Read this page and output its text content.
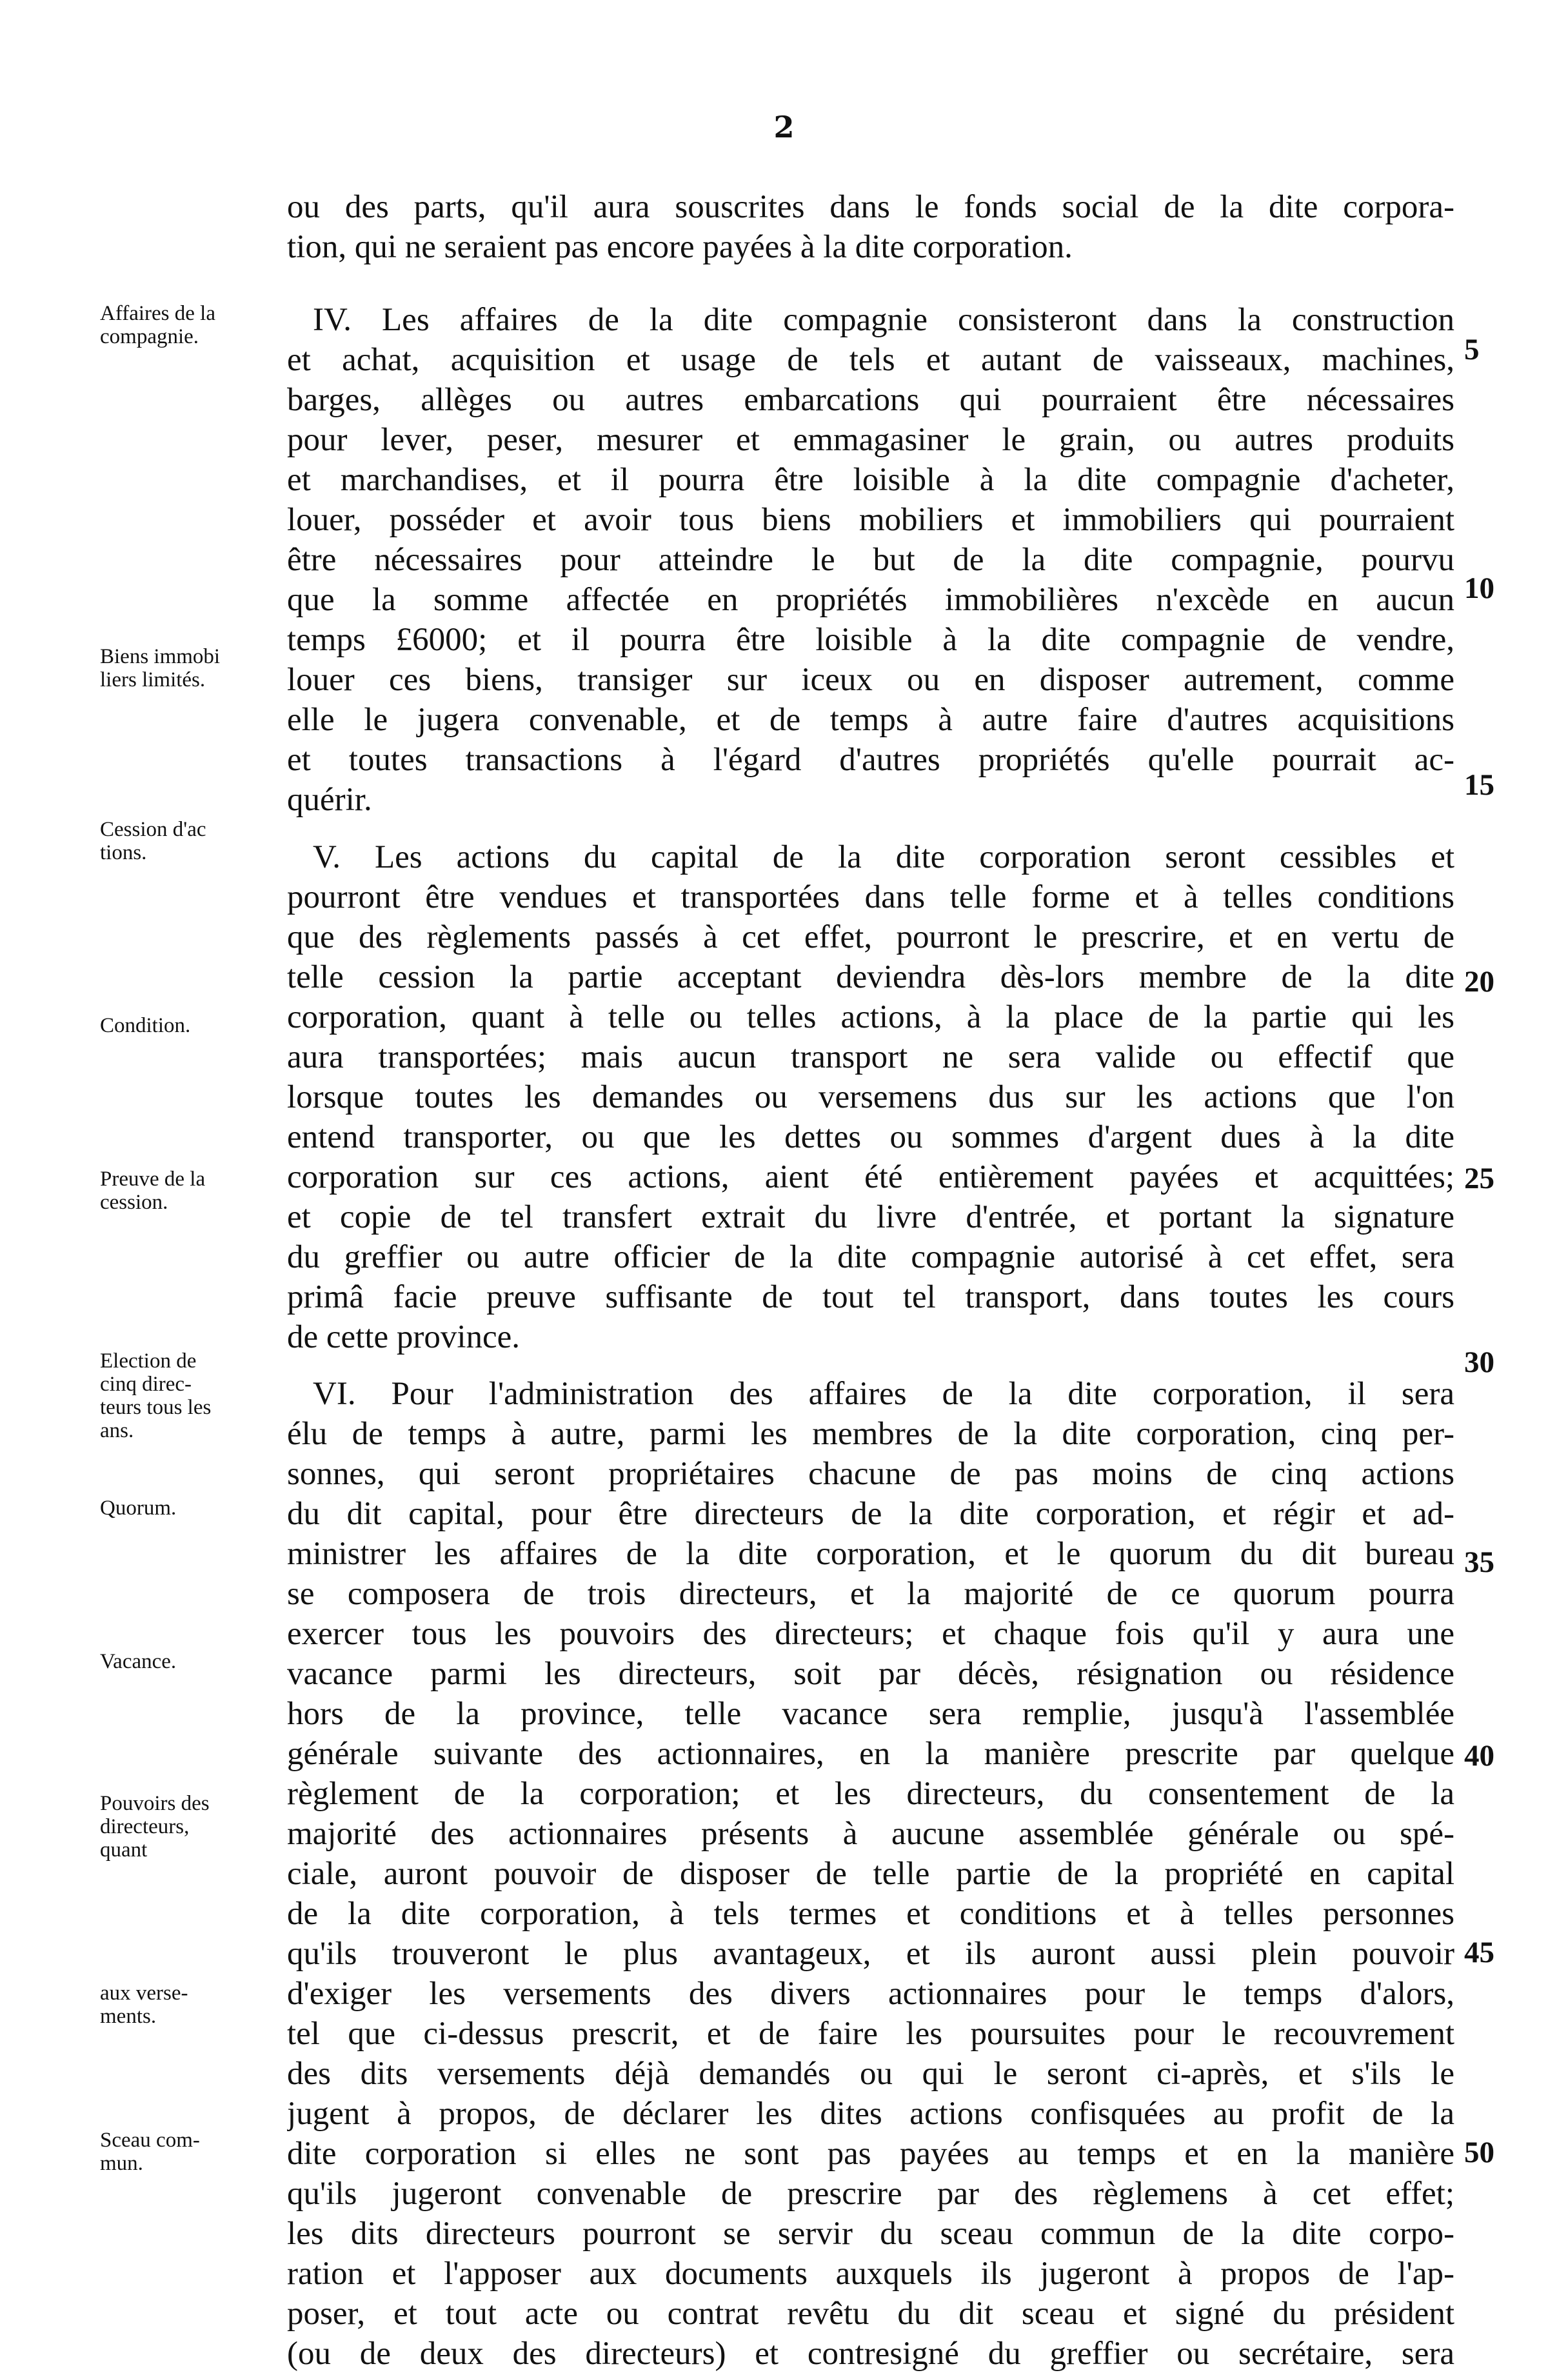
2
Affaires de la
compagnie.
Biens immobi
liers limités.
Cession d'ac
tions.
Condition.
Preuve de la
cession.
Election de
cinq direc-
teurs tous les
ans.
Quorum.
Vacance.
Pouvoirs des
directeurs,
quant
aux verse-
ments.
Sceau com-
mun.
5
10
15
20
25
30
35
40
45
50
ou des parts, qu'il aura souscrites dans le fonds social de la dite corpora-
tion, qui ne seraient pas encore payées à la dite corporation.
IV. Les affaires de la dite compagnie consisteront dans la construction
et achat, acquisition et usage de tels et autant de vaisseaux, machines,
barges, allèges ou autres embarcations qui pourraient être nécessaires
pour lever, peser, mesurer et emmagasiner le grain, ou autres produits
et marchandises, et il pourra être loisible à la dite compagnie d'acheter,
louer, posséder et avoir tous biens mobiliers et immobiliers qui pourraient
être nécessaires pour atteindre le but de la dite compagnie, pourvu
que la somme affectée en propriétés immobilières n'excède en aucun
temps £6000; et il pourra être loisible à la dite compagnie de vendre,
louer ces biens, transiger sur iceux ou en disposer autrement, comme
elle le jugera convenable, et de temps à autre faire d'autres acquisitions
et toutes transactions à l'égard d'autres propriétés qu'elle pourrait ac-
quérir.
V. Les actions du capital de la dite corporation seront cessibles et
pourront être vendues et transportées dans telle forme et à telles conditions
que des règlements passés à cet effet, pourront le prescrire, et en vertu de
telle cession la partie acceptant deviendra dès-lors membre de la dite
corporation, quant à telle ou telles actions, à la place de la partie qui les
aura transportées; mais aucun transport ne sera valide ou effectif que
lorsque toutes les demandes ou versemens dus sur les actions que l'on
entend transporter, ou que les dettes ou sommes d'argent dues à la dite
corporation sur ces actions, aient été entièrement payées et acquittées;
et copie de tel transfert extrait du livre d'entrée, et portant la signature
du greffier ou autre officier de la dite compagnie autorisé à cet effet, sera
primâ facie preuve suffisante de tout tel transport, dans toutes les cours
de cette province.
VI. Pour l'administration des affaires de la dite corporation, il sera
élu de temps à autre, parmi les membres de la dite corporation, cinq per-
sonnes, qui seront propriétaires chacune de pas moins de cinq actions
du dit capital, pour être directeurs de la dite corporation, et régir et ad-
ministrer les affaires de la dite corporation, et le quorum du dit bureau
se composera de trois directeurs, et la majorité de ce quorum pourra
exercer tous les pouvoirs des directeurs; et chaque fois qu'il y aura une
vacance parmi les directeurs, soit par décès, résignation ou résidence
hors de la province, telle vacance sera remplie, jusqu'à l'assemblée
générale suivante des actionnaires, en la manière prescrite par quelque
règlement de la corporation; et les directeurs, du consentement de la
majorité des actionnaires présents à aucune assemblée générale ou spé-
ciale, auront pouvoir de disposer de telle partie de la propriété en capital
de la dite corporation, à tels termes et conditions et à telles personnes
qu'ils trouveront le plus avantageux, et ils auront aussi plein pouvoir
d'exiger les versements des divers actionnaires pour le temps d'alors,
tel que ci-dessus prescrit, et de faire les poursuites pour le recouvrement
des dits versements déjà demandés ou qui le seront ci-après, et s'ils le
jugent à propos, de déclarer les dites actions confisquées au profit de la
dite corporation si elles ne sont pas payées au temps et en la manière
qu'ils jugeront convenable de prescrire par des règlemens à cet effet;
les dits directeurs pourront se servir du sceau commun de la dite corpo-
ration et l'apposer aux documents auxquels ils jugeront à propos de l'ap-
poser, et tout acte ou contrat revêtu du dit sceau et signé du président
(ou de deux des directeurs) et contresigné du greffier ou secrétaire, sera
